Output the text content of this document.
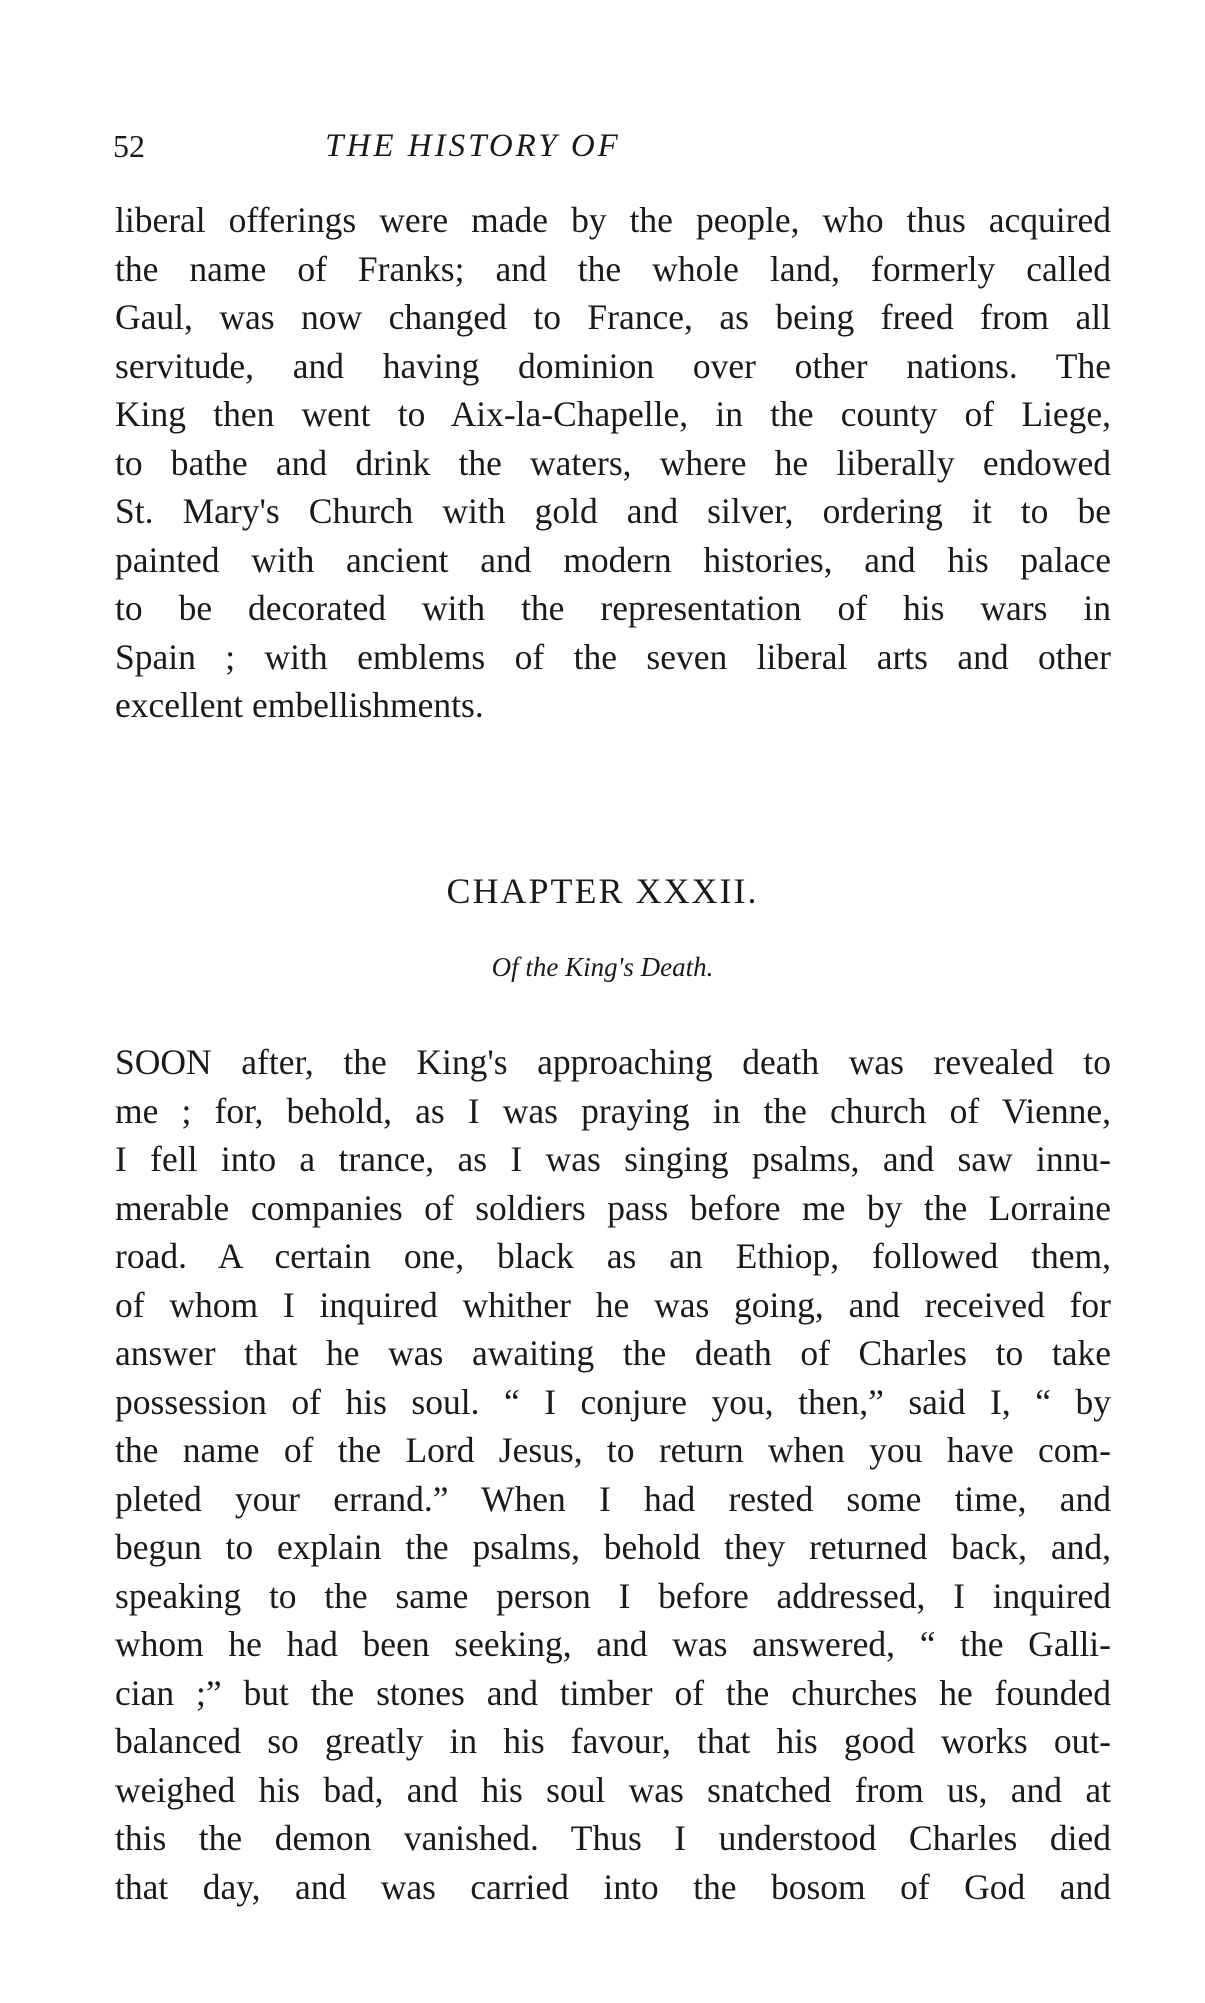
52	THE HISTORY OF
liberal offerings were made by the people, who thus acquired
the name of Franks; and the whole land, formerly called
Gaul, was now changed to France, as being freed from all
servitude, and having dominion over other nations. The
King then went to Aix-la-Chapelle, in the county of Liege,
to bathe and drink the waters, where he liberally endowed
St. Mary's Church with gold and silver, ordering it to be
painted with ancient and modern histories, and his palace
to be decorated with the representation of his wars in
Spain ; with emblems of the seven liberal arts and other
excellent embellishments.
CHAPTER XXXII.

Of the King's Death.

SOON after, the King's approaching death was revealed to
me ; for, behold, as I was praying in the church of Vienne,
I fell into a trance, as I was singing psalms, and saw innu-
merable companies of soldiers pass before me by the Lorraine
road. A certain one, black as an Ethiop, followed them,
of whom I inquired whither he was going, and received for
answer that he was awaiting the death of Charles to take
possession of his soul. “ I conjure you, then,” said I, “ by
the name of the Lord Jesus, to return when you have com-
pleted your errand.” When I had rested some time, and
begun to explain the psalms, behold they returned back, and,
speaking to the same person I before addressed, I inquired
whom he had been seeking, and was answered, “ the Galli-
cian ;” but the stones and timber of the churches he founded
balanced so greatly in his favour, that his good works out-
weighed his bad, and his soul was snatched from us, and at
this the demon vanished. Thus I understood Charles died
that day, and was carried into the bosom of God and
